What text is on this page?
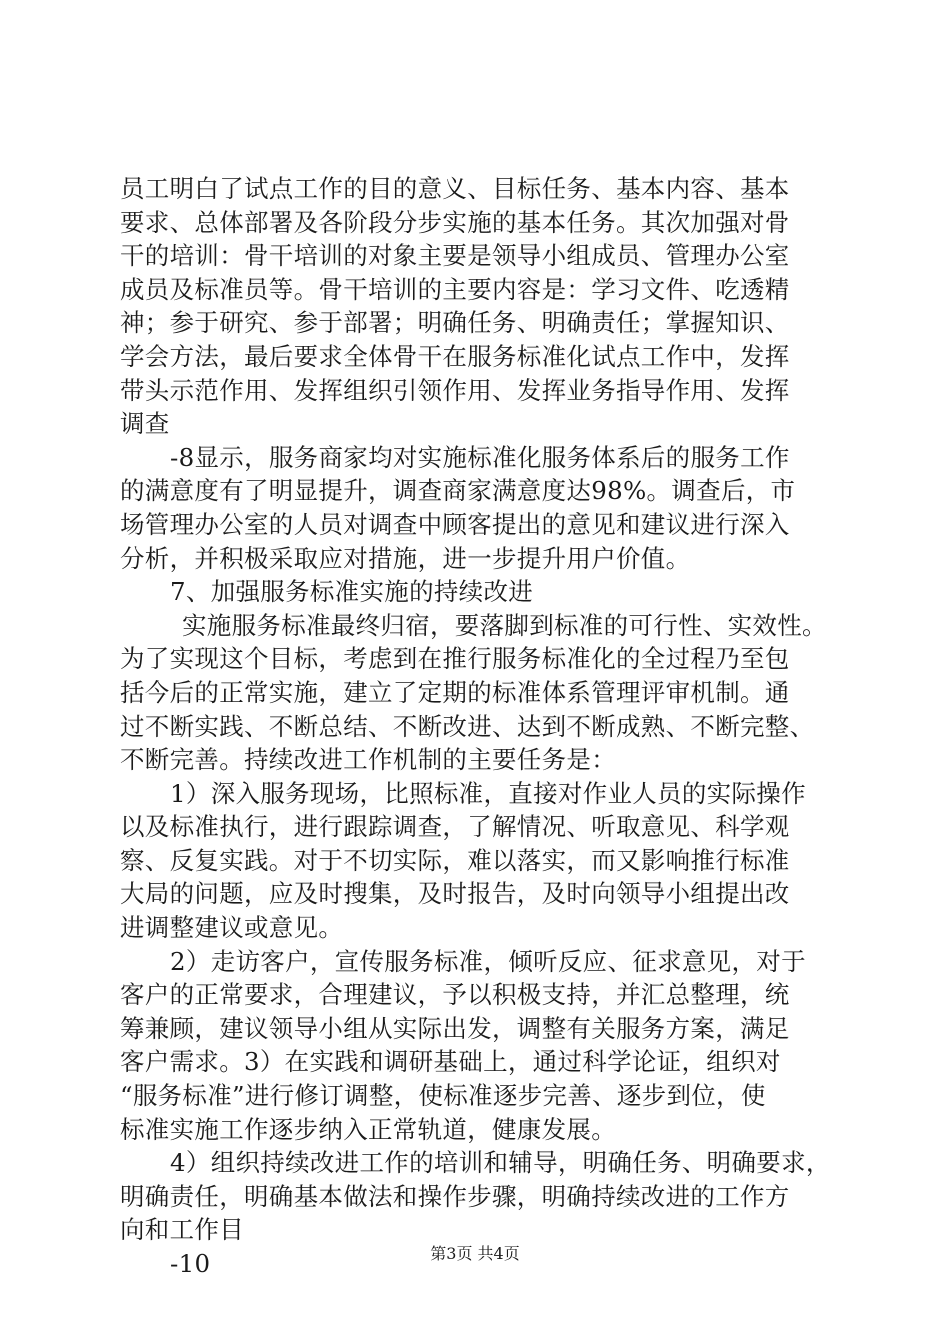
员工明白了试点工作的目的意义、目标任务、基本内容、基本
要求、总体部署及各阶段分步实施的基本任务。其次加强对骨
干的培训：骨干培训的对象主要是领导小组成员、管理办公室
成员及标准员等。骨干培训的主要内容是：学习文件、吃透精
神；参于研究、参于部署；明确任务、明确责任；掌握知识、
学会方法，最后要求全体骨干在服务标准化试点工作中，发挥
带头示范作用、发挥组织引领作用、发挥业务指导作用、发挥
调查
-8显示，服务商家均对实施标准化服务体系后的服务工作
的满意度有了明显提升，调查商家满意度达98%。调查后，市
场管理办公室的人员对调查中顾客提出的意见和建议进行深入
分析，并积极采取应对措施，进一步提升用户价值。
7、加强服务标准实施的持续改进
实施服务标准最终归宿，要落脚到标准的可行性、实效性。
为了实现这个目标，考虑到在推行服务标准化的全过程乃至包
括今后的正常实施，建立了定期的标准体系管理评审机制。通
过不断实践、不断总结、不断改进、达到不断成熟、不断完整、
不断完善。持续改进工作机制的主要任务是：
1）深入服务现场，比照标准，直接对作业人员的实际操作
以及标准执行，进行跟踪调查，了解情况、听取意见、科学观
察、反复实践。对于不切实际，难以落实，而又影响推行标准
大局的问题，应及时搜集，及时报告，及时向领导小组提出改
进调整建议或意见。
2）走访客户，宣传服务标准，倾听反应、征求意见，对于
客户的正常要求，合理建议，予以积极支持，并汇总整理，统
筹兼顾，建议领导小组从实际出发，调整有关服务方案，满足
客户需求。3）在实践和调研基础上，通过科学论证，组织对
“服务标准”进行修订调整，使标准逐步完善、逐步到位，使
标准实施工作逐步纳入正常轨道，健康发展。
4）组织持续改进工作的培训和辅导，明确任务、明确要求，
明确责任，明确基本做法和操作步骤，明确持续改进的工作方
向和工作目
-10	第3页 共4页
